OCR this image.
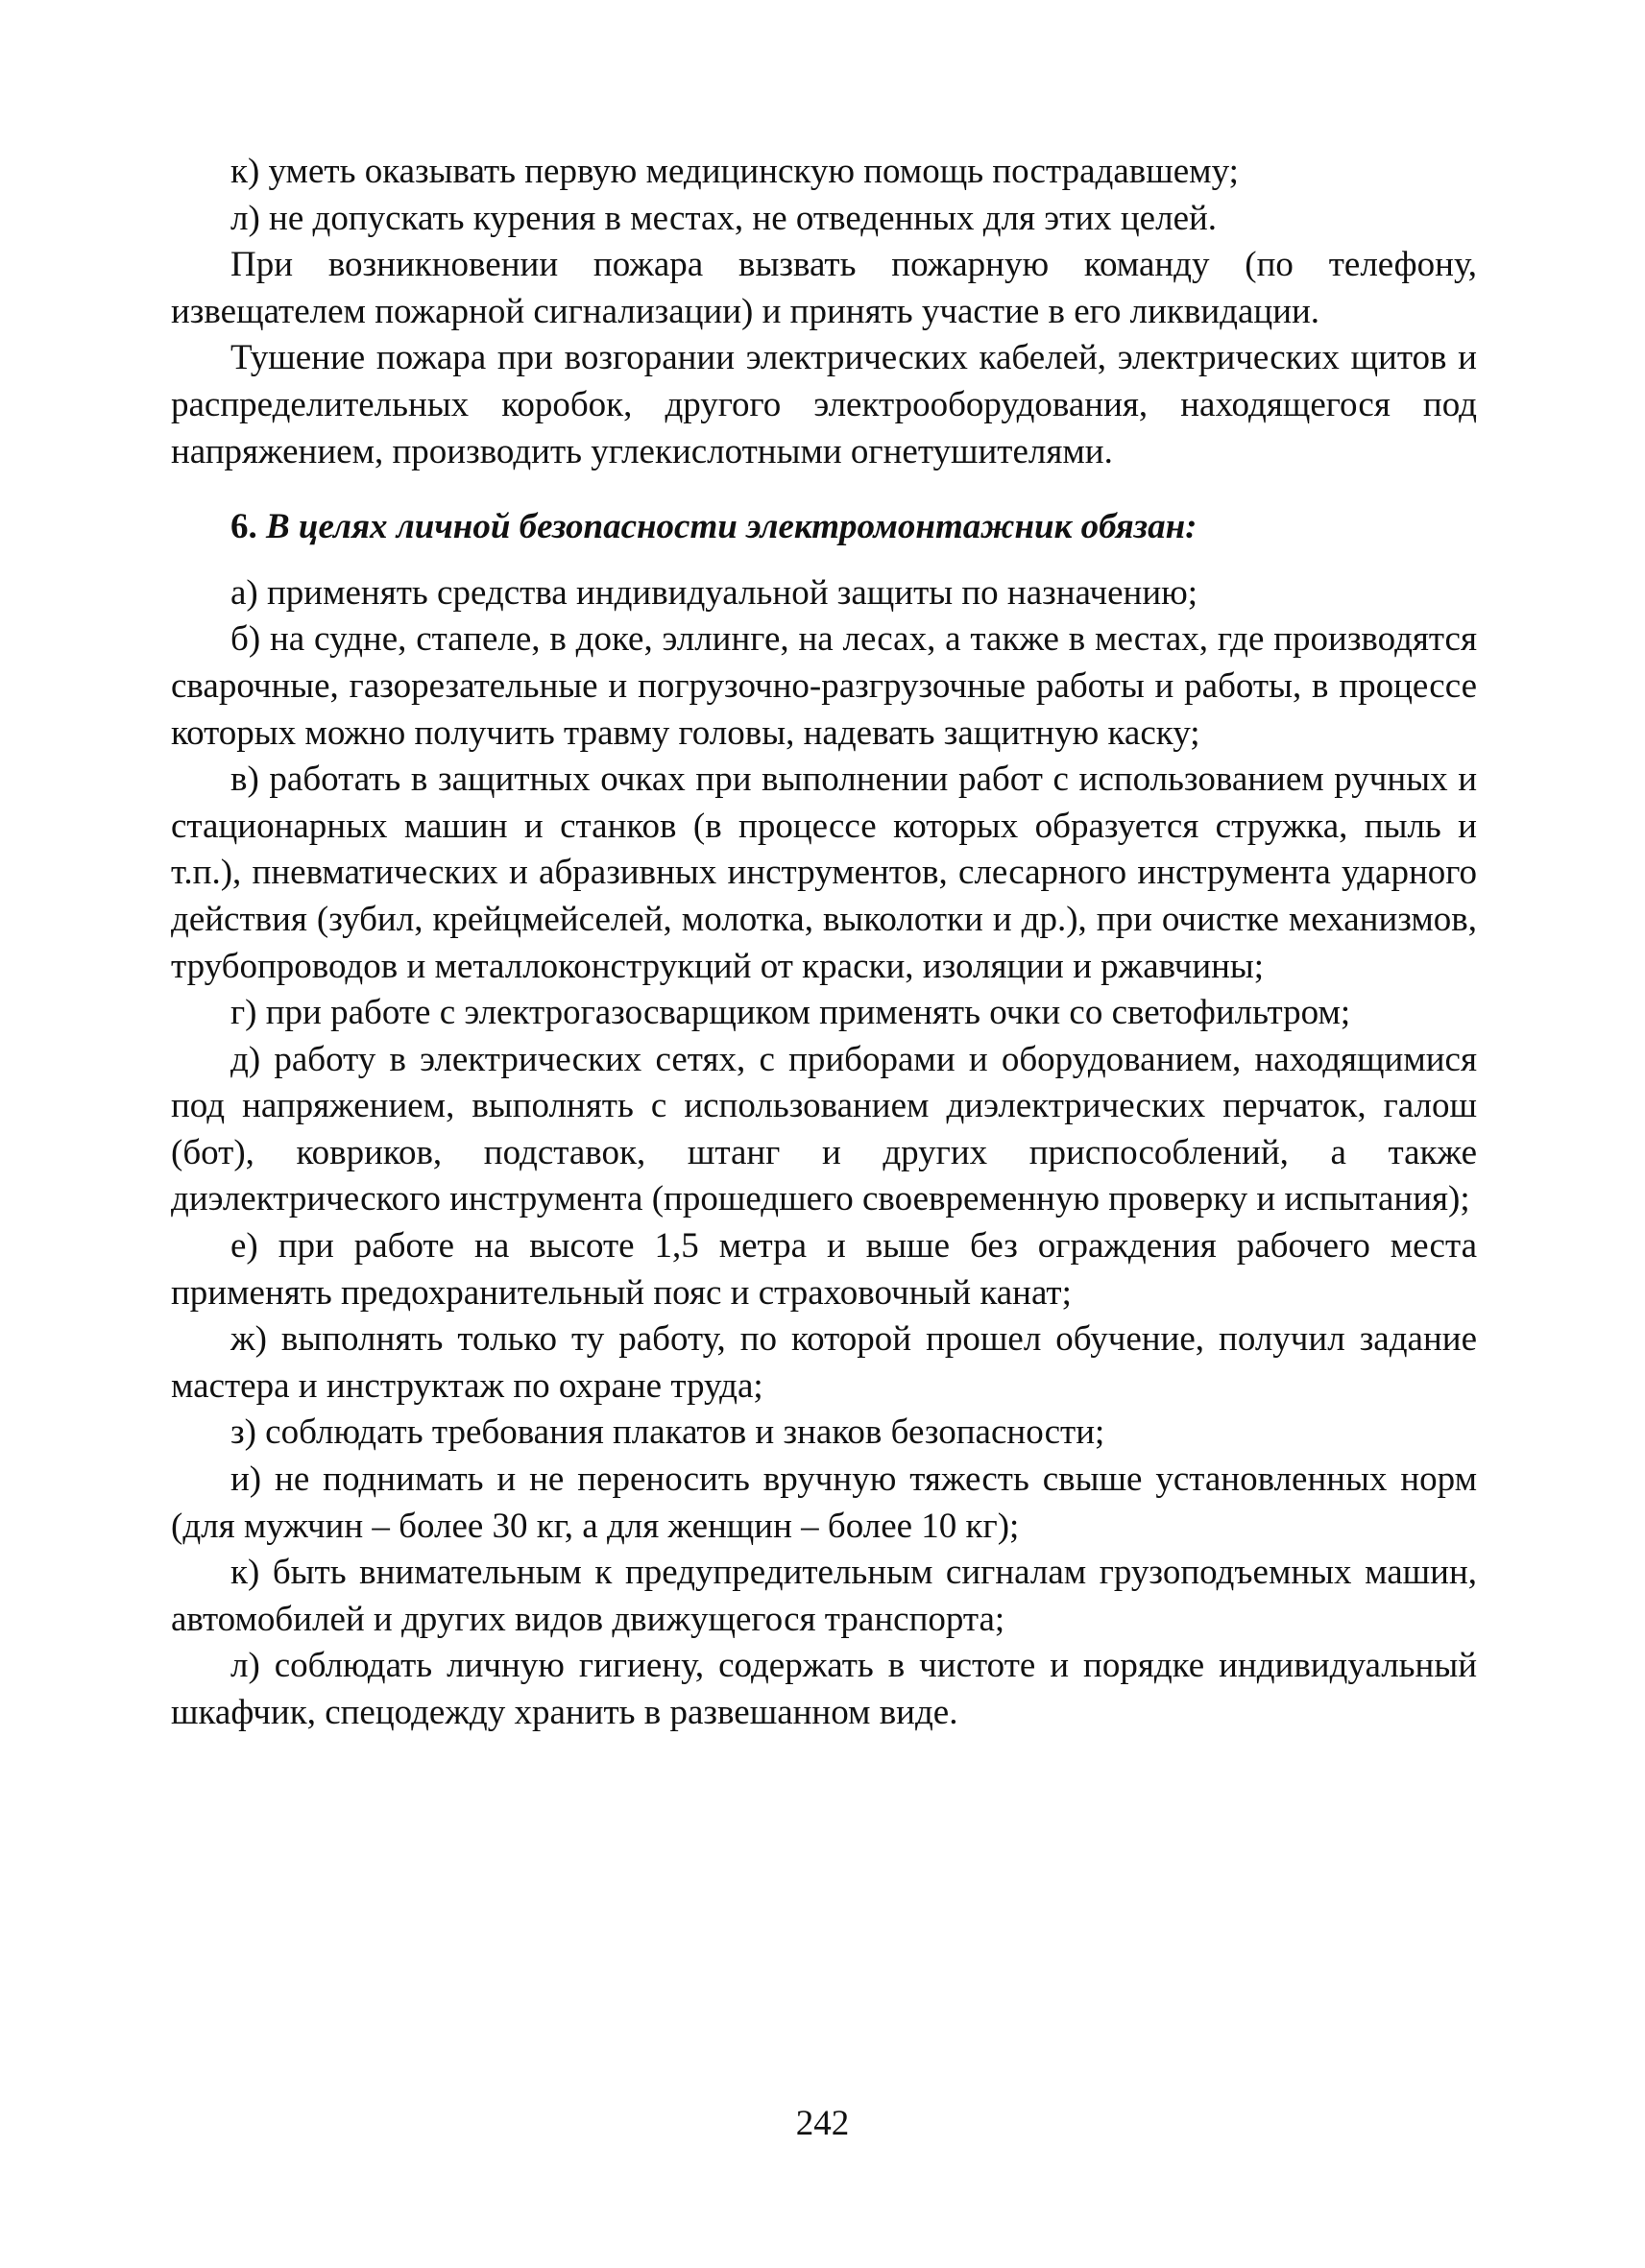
к) уметь оказывать первую медицинскую помощь пострадавшему;

л) не допускать курения в местах, не отведенных для этих целей.

При возникновении пожара вызвать пожарную команду (по телефону, извещателем пожарной сигнализации) и принять участие в его ликвидации.

Тушение пожара при возгорании электрических кабелей, электрических щитов и распределительных коробок, другого электрооборудования, находящегося под напряжением, производить углекислотными огнетушителями.

6. В целях личной безопасности электромонтажник обязан:

а) применять средства индивидуальной защиты по назначению;

б) на судне, стапеле, в доке, эллинге, на лесах, а также в местах, где производятся сварочные, газорезательные и погрузочно-разгрузочные работы и работы, в процессе которых можно получить травму головы, надевать защитную каску;

в) работать в защитных очках при выполнении работ с использованием ручных и стационарных машин и станков (в процессе которых образуется стружка, пыль и т.п.), пневматических и абразивных инструментов, слесарного инструмента ударного действия (зубил, крейцмейселей, молотка, выколотки и др.), при очистке механизмов, трубопроводов и металлоконструкций от краски, изоляции и ржавчины;

г) при работе с электрогазосварщиком применять очки со светофильтром;

д) работу в электрических сетях, с приборами и оборудованием, находящимися под напряжением, выполнять с использованием диэлектрических перчаток, галош (бот), ковриков, подставок, штанг и других приспособлений, а также диэлектрического инструмента (прошедшего своевременную проверку и испытания);

е) при работе на высоте 1,5 метра и выше без ограждения рабочего места применять предохранительный пояс и страховочный канат;

ж) выполнять только ту работу, по которой прошел обучение, получил задание мастера и инструктаж по охране труда;

з) соблюдать требования плакатов и знаков безопасности;

и) не поднимать и не переносить вручную тяжесть свыше установленных норм (для мужчин – более 30 кг, а для женщин – более 10 кг);

к) быть внимательным к предупредительным сигналам грузоподъемных машин, автомобилей и других видов движущегося транспорта;

л) соблюдать личную гигиену, содержать в чистоте и порядке индивидуальный шкафчик, спецодежду хранить в развешанном виде.

242
